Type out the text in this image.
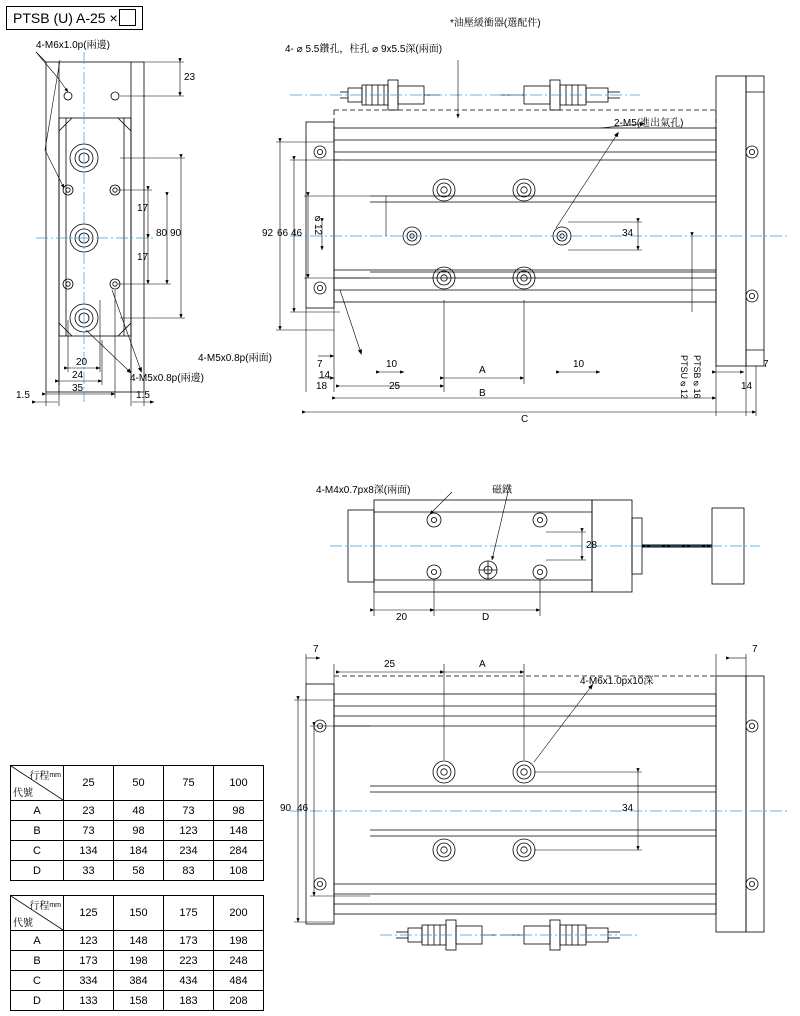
PTSB (U) A-25 ×
4-M6x1.0p(兩邊)
4-M5x0.8p(兩邊)
23
17
17
80 90
20
24
35
1.5	1.5
*油壓緩衝器(選配件)
4- ⌀ 5.5鑽孔，柱孔 ⌀ 9x5.5深(兩面)
2-M5(進出氣孔)
4-M5x0.8p(兩面)
92 66 46 ⌀12	34
7	10
25
A
10
B
18
14
C
7
14
PTSU⌀12 PTSB⌀16
4-M4x0.7px8深(兩面)	磁鐵
28
20	D
4-M6x1.0px10深
7
25	A
7
90 46	34
行程$^{mm}$
代號	25	50	75	100
A	23	48	73	98
B	73	98	123	148
C	134	184	234	284
D	33	58	83	108
行程$^{mm}$
代號	125	150	175	200
A	123	148	173	198
B	173	198	223	248
C	334	384	434	484
D	133	158	183	208
